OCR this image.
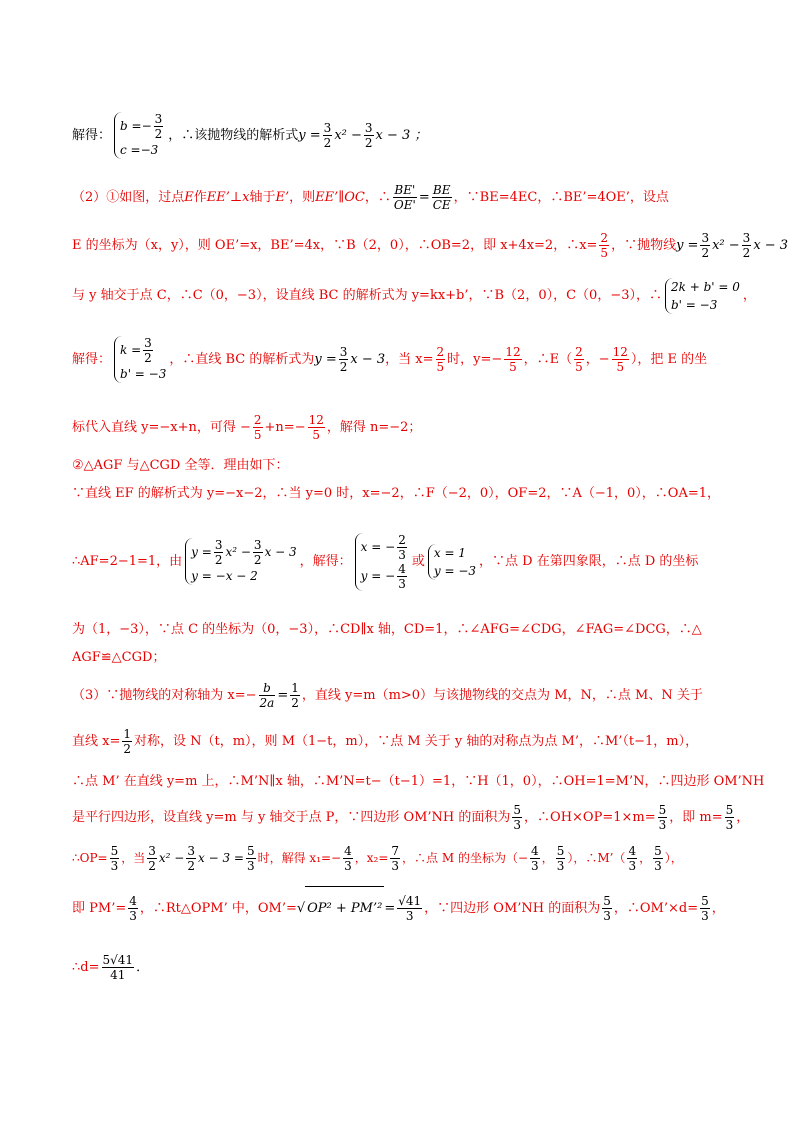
解得：
$b =- \frac{3}{2}$
c =−3
，∴该抛物线的解析式$y = \frac{3}{2} x^2 - \frac{3}{2}$ x − 3 ；
（2）①如图，过点E作EE’⊥x轴于E’，则EE’∥OC，∴ $\frac{BE'}{OE'} = \frac{BE}{CE}$ ，∵BE=4EC，∴BE’=4OE’，设点
E 的坐标为（x，y），则 OE’=x，BE’=4x，∵B（2，0），∴OB=2，即 x+4x=2，∴x= $\frac{2}{5}$ ，∵抛物线$y = \frac{3}{2} x^2 - \frac{3}{2}$ x − 3
与 y 轴交于点 C，∴C（0，−3），设直线 BC 的解析式为 y=kx+b’，∵B（2，0），C（0，−3），∴
2k + b' = 0
b' = −3
，
解得：
$k = \frac{3}{2}$
b' = −3
，∴直线 BC 的解析式为$y = \frac{3}{2}$ x − 3，当 $x= \frac{2}{5}$ 时，$y=- \frac{12}{5}$ ，∴E（ $\frac{2}{5}$ ，− $\frac{12}{5}$ ），把 E 的坐
标代入直线 y=−x+n，可得 − $\frac{2}{5} +n=- \frac{12}{5}$ ，解得 n=−2；
②△AGF 与△CGD 全等．理由如下：
∵直线 EF 的解析式为 y=−x−2，∴当 y=0 时，x=−2，∴F（−2，0），OF=2，∵A（−1，0），∴OA=1，
∴AF=2−1=1，由
$y = \frac{3}{2} x^2 - \frac{3}{2}$ x − 3
y = −x − 2
，解得：
x = − $\frac{2}{3}$
y = − $\frac{4}{3}$ 或
x = 1
y = −3
，∵点 D 在第四象限，∴点 D 的坐标
为（1，−3），∵点 C 的坐标为（0，−3），∴CD∥x 轴，CD=1，∴∠AFG=∠CDG，∠FAG=∠DCG，∴△
AGF≌△CGD；
（3）∵抛物线的对称轴为 $x=- \frac{b}{2a} = \frac{1}{2}$ ，直线 y=m（m>0）与该抛物线的交点为 M，N，∴点 M、N 关于
直线 $x= \frac{1}{2}$ 对称，设 N（t，m），则 M（1−t，m），∵点 M 关于 y 轴的对称点为点 M’，∴M’（t−1，m），
∴点 M’ 在直线 y=m 上，∴M’N∥x 轴，∴M’N=t−（t−1）=1，∵H（1，0），∴OH=1=M’N，∴四边形 OM’NH
是平行四边形，设直线 y=m 与 y 轴交于点 P，∵四边形 OM’NH 的面积为 $\frac{5}{3}$ ，∴OH×OP=1×m= $\frac{5}{3}$ ，即 $m= \frac{5}{3}$ ，
∴OP= $\frac{5}{3}$ ，当 $\frac{3}{2} x^2 - \frac{3}{2}$ $x - 3 = \frac{5}{3}$ 时，解得 $x_1=- \frac{4}{3}$ ，$x_2= \frac{7}{3}$ ，∴点 M 的坐标为（− $\frac{4}{3}$ ， $\frac{5}{3}$ ），∴M’（ $\frac{4}{3}$ ， $\frac{5}{3}$ ），
即 PM’= $\frac{4}{3}$ ，∴Rt△OPM’ 中，OM’=√ OP² + PM’² = $\frac{√41}{3}$ ，∵四边形 OM’NH 的面积为 $\frac{5}{3}$ ，∴OM’×d= $\frac{5}{3}$ ，
∴d= $\frac{5√41}{41}$ ．
